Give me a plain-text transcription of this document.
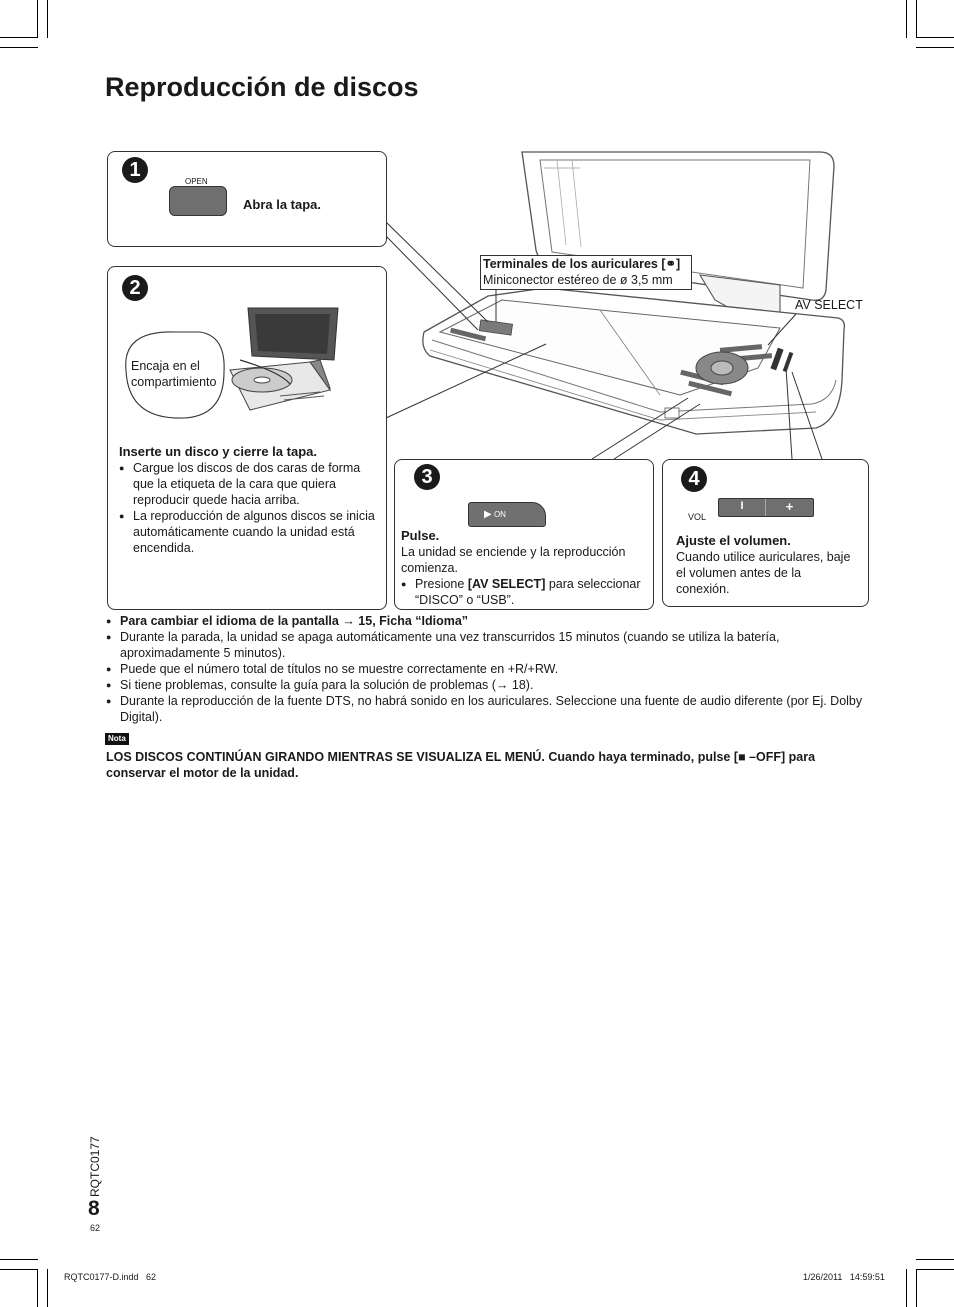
Reproducción de discos
1
OPEN
Abra la tapa.
2
Encaja en el compartimiento
Inserte un disco y cierre la tapa.
● Cargue los discos de dos caras de forma que la etiqueta de la cara que quiera reproducir quede hacia arriba.
● La reproducción de algunos discos se inicia automáticamente cuando la unidad está encendida.
Terminales de los auriculares [⚭]
Miniconector estéreo de ø 3,5 mm
AV SELECT
3
▶ ON
Pulse.
La unidad se enciende y la reproducción comienza.
● Presione [AV SELECT] para seleccionar “DISCO” o “USB”.
4
I	+
VOL
Ajuste el volumen.
Cuando utilice auriculares, baje el volumen antes de la conexión.
● Para cambiar el idioma de la pantalla → 15, Ficha “Idioma”
● Durante la parada, la unidad se apaga automáticamente una vez transcurridos 15 minutos (cuando se utiliza la batería, aproximadamente 5 minutos).
● Puede que el número total de títulos no se muestre correctamente en +R/+RW.
● Si tiene problemas, consulte la guía para la solución de problemas (→ 18).
● Durante la reproducción de la fuente DTS, no habrá sonido en los auriculares. Seleccione una fuente de audio diferente (por Ej. Dolby Digital).
Nota
LOS DISCOS CONTINÚAN GIRANDO MIENTRAS SE VISUALIZA EL MENÚ. Cuando haya terminado, pulse [■ –OFF] para conservar el motor de la unidad.
RQTC0177
8
62
RQTC0177-D.indd   62	1/26/2011   14:59:51
